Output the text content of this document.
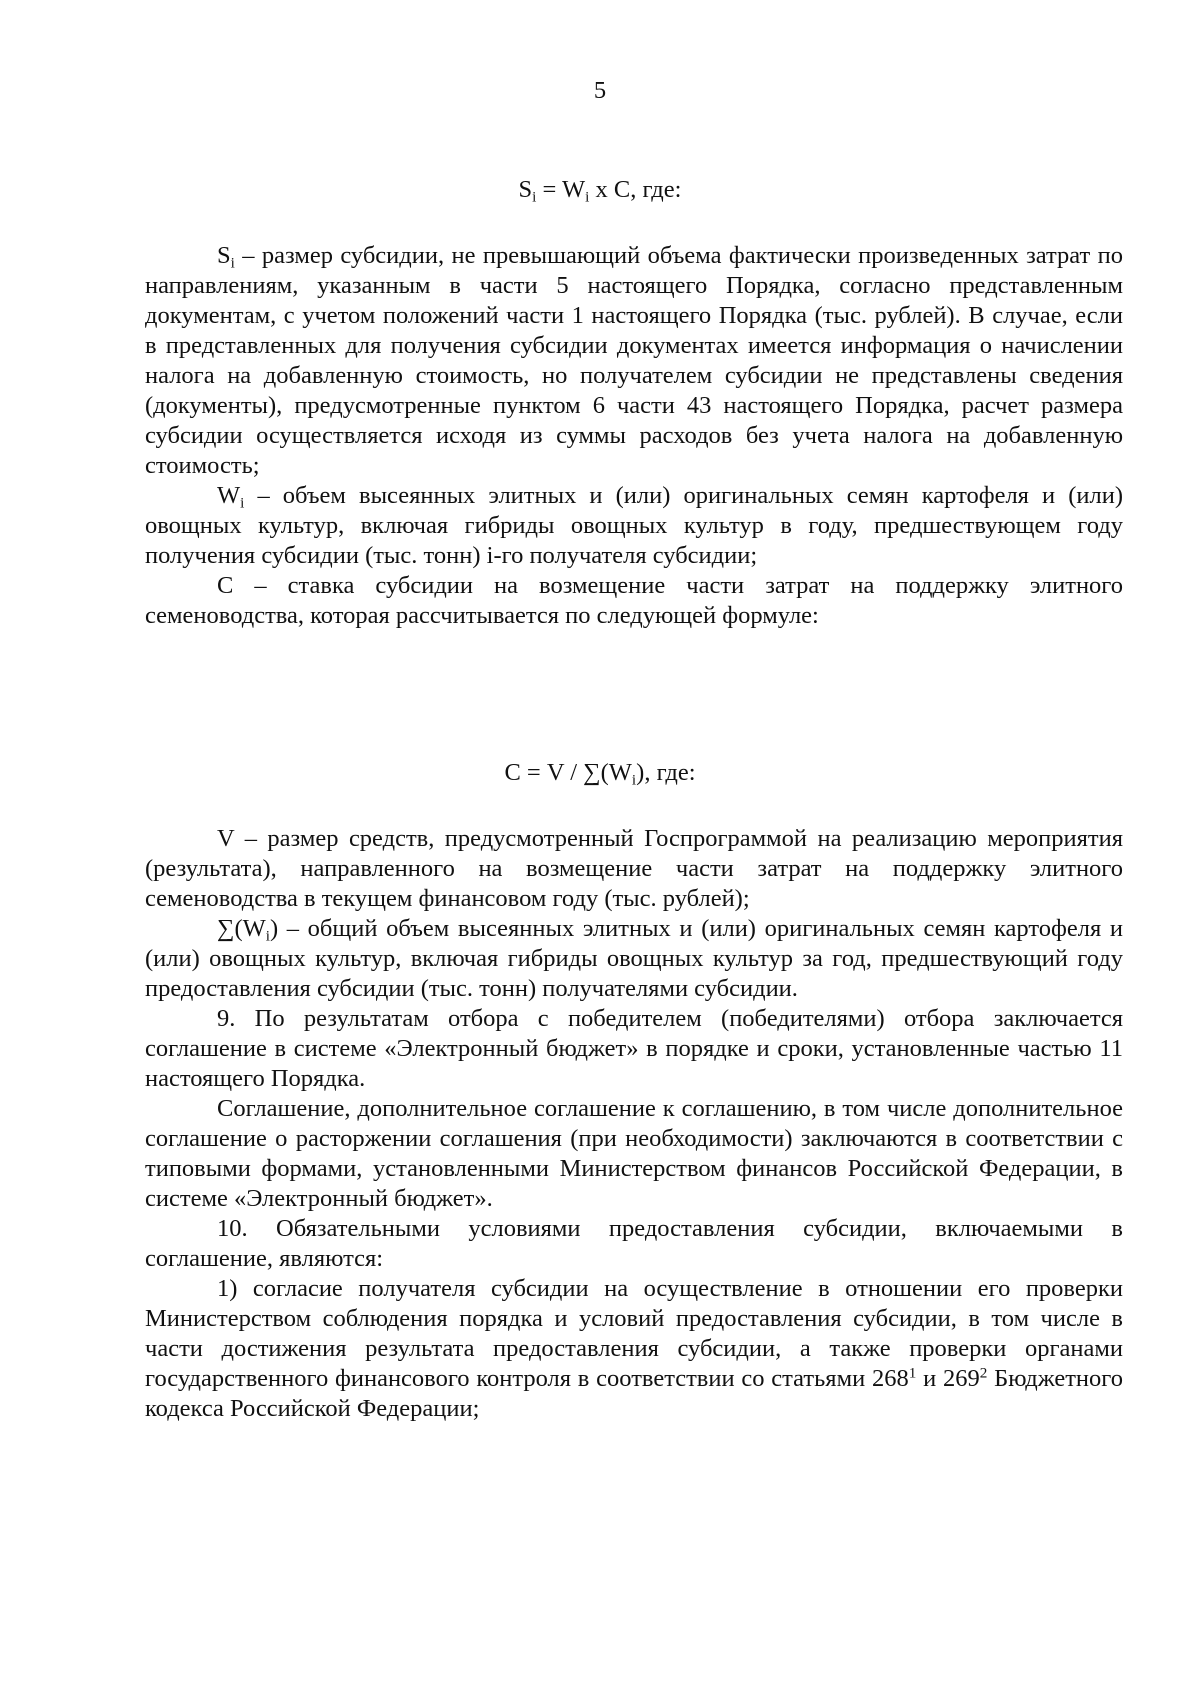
5
$S_i = W_i$ х С, где:

$S_i$ – размер субсидии, не превышающий объема фактически произведенных затрат по направлениям, указанным в части 5 настоящего Порядка, согласно представленным документам, с учетом положений части 1 настоящего Порядка (тыс. рублей). В случае, если в представленных для получения субсидии документах имеется информация о начислении налога на добавленную стоимость, но получателем субсидии не представлены сведения (документы), предусмотренные пунктом 6 части 43 настоящего Порядка, расчет размера субсидии осуществляется исходя из суммы расходов без учета налога на добавленную стоимость;

$W_i$ – объем высеянных элитных и (или) оригинальных семян картофеля и (или) овощных культур, включая гибриды овощных культур в году, предшествующем году получения субсидии (тыс. тонн) i-го получателя субсидии;

С – ставка субсидии на возмещение части затрат на поддержку элитного семеноводства, которая рассчитывается по следующей формуле:

$С = V / \sum(W_i)$, где:

V – размер средств, предусмотренный Госпрограммой на реализацию мероприятия (результата), направленного на возмещение части затрат на поддержку элитного семеноводства в текущем финансовом году (тыс. рублей);

$\sum(W_i)$ – общий объем высеянных элитных и (или) оригинальных семян картофеля и (или) овощных культур, включая гибриды овощных культур за год, предшествующий году предоставления субсидии (тыс. тонн) получателями субсидии.

9. По результатам отбора с победителем (победителями) отбора заключается соглашение в системе «Электронный бюджет» в порядке и сроки, установленные частью 11 настоящего Порядка.

Соглашение, дополнительное соглашение к соглашению, в том числе дополнительное соглашение о расторжении соглашения (при необходимости) заключаются в соответствии с типовыми формами, установленными Министерством финансов Российской Федерации, в системе «Электронный бюджет».

10. Обязательными условиями предоставления субсидии, включаемыми в соглашение, являются:

1) согласие получателя субсидии на осуществление в отношении его проверки Министерством соблюдения порядка и условий предоставления субсидии, в том числе в части достижения результата предоставления субсидии, а также проверки органами государственного финансового контроля в соответствии со статьями $268^1$ и $269^2$ Бюджетного кодекса Российской Федерации;
